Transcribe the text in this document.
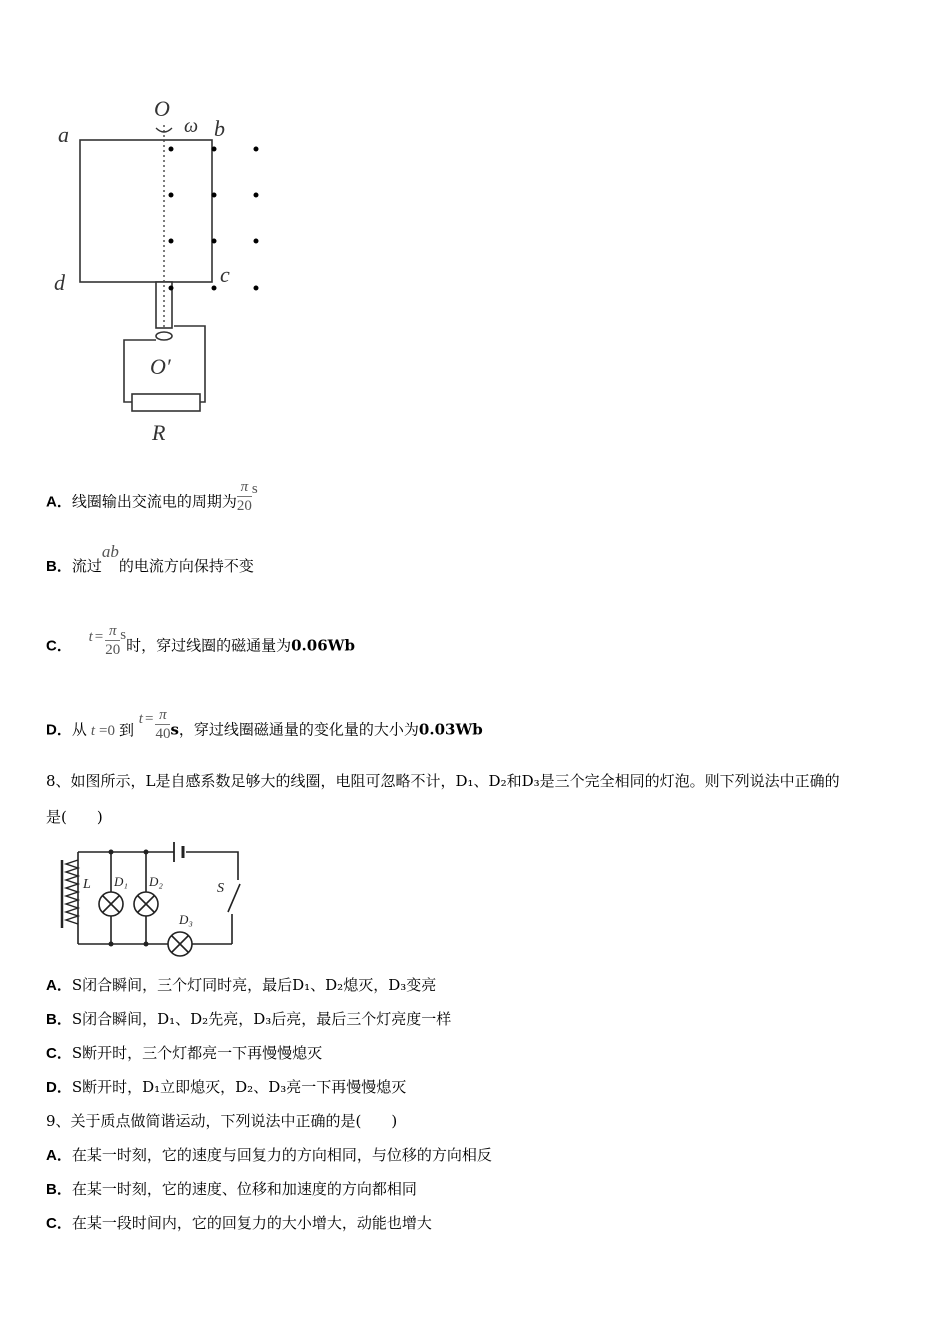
O
ω
a	b
c
d
O′
R
A．线圈输出交流电的周期为 $\frac{\pi}{20}$ s
B．流过ab的电流方向保持不变
C． $t = \frac{\pi}{20}$ s时，穿过线圈的磁通量为0.06Wb
D．从 t =0 到 $t = \frac{\pi}{40}$ s，穿过线圈磁通量的变化量的大小为0.03Wb
8、如图所示，L是自感系数足够大的线圈，电阻可忽略不计，D₁、D₂和D₃是三个完全相同的灯泡。则下列说法中正确的
是(　　)
L D₁ D₂
D₃
S
A．S闭合瞬间，三个灯同时亮，最后D₁、D₂熄灭，D₃变亮
B．S闭合瞬间，D₁、D₂先亮，D₃后亮，最后三个灯亮度一样
C．S断开时，三个灯都亮一下再慢慢熄灭
D．S断开时，D₁立即熄灭，D₂、D₃亮一下再慢慢熄灭
9、关于质点做简谐运动，下列说法中正确的是(　　)
A．在某一时刻，它的速度与回复力的方向相同，与位移的方向相反
B．在某一时刻，它的速度、位移和加速度的方向都相同
C．在某一段时间内，它的回复力的大小增大，动能也增大
